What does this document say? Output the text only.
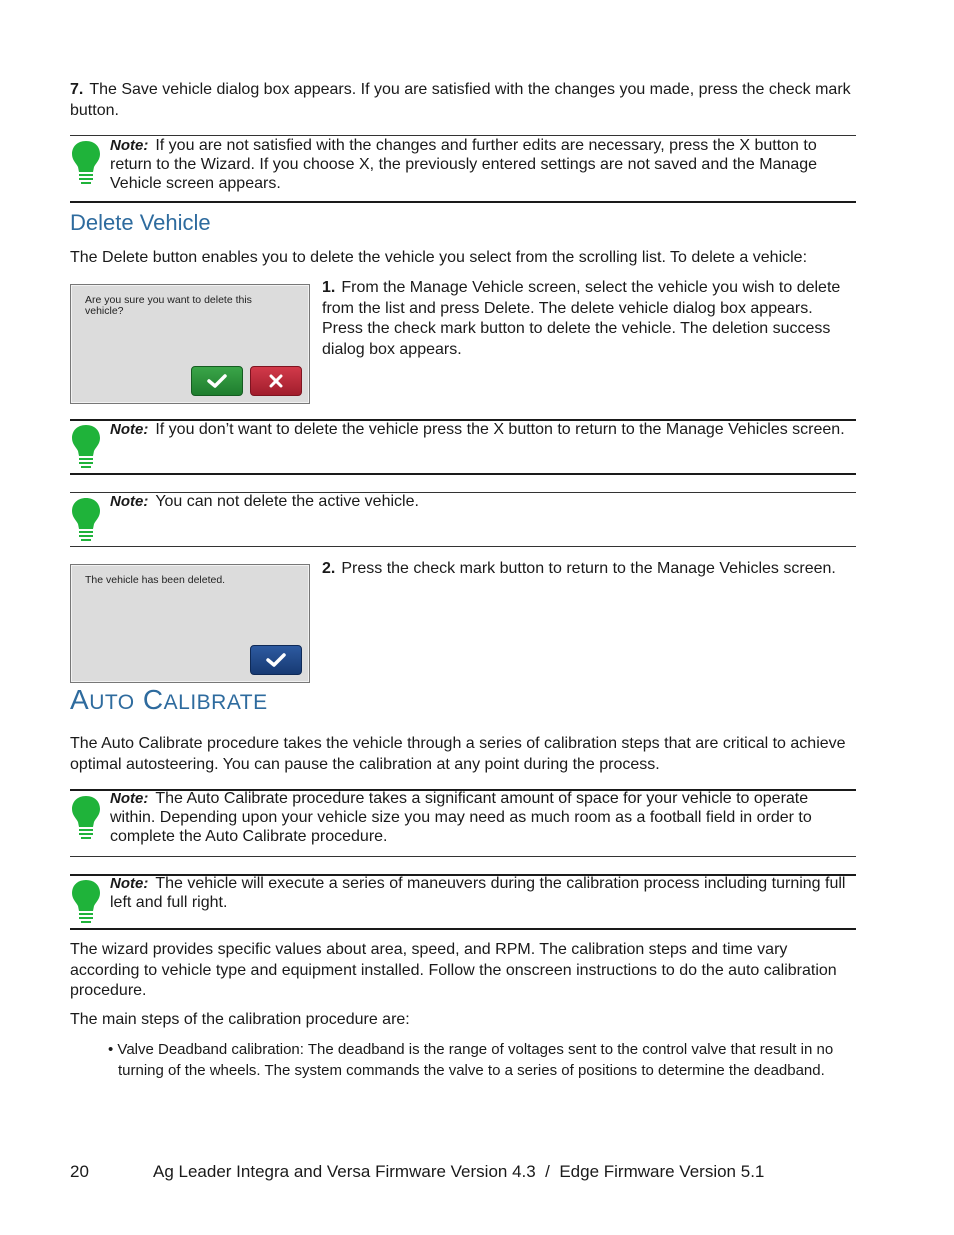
7. The Save vehicle dialog box appears. If you are satisfied with the changes you made, press the check mark button.
Note: If you are not satisfied with the changes and further edits are necessary, press the X button to return to the Wizard. If you choose X, the previously entered settings are not saved and the Manage Vehicle screen appears.
Delete Vehicle
The Delete button enables you to delete the vehicle you select from the scrolling list. To delete a vehicle:
Are you sure you want to delete this vehicle?
1. From the Manage Vehicle screen, select the vehicle you wish to delete from the list and press Delete. The delete vehicle dialog box appears. Press the check mark button to delete the vehicle. The deletion success dialog box appears.
Note: If you don’t want to delete the vehicle press the X button to return to the Manage Vehicles screen.
Note: You can not delete the active vehicle.
The vehicle has been deleted.
2. Press the check mark button to return to the Manage Vehicles screen.
AUTO CALIBRATE
The Auto Calibrate procedure takes the vehicle through a series of calibration steps that are critical to achieve optimal autosteering. You can pause the calibration at any point during the process.
Note: The Auto Calibrate procedure takes a significant amount of space for your vehicle to operate within. Depending upon your vehicle size you may need as much room as a football field in order to complete the Auto Calibrate procedure.
Note: The vehicle will execute a series of maneuvers during the calibration process including turning full left and full right.
The wizard provides specific values about area, speed, and RPM. The calibration steps and time vary according to vehicle type and equipment installed. Follow the onscreen instructions to do the auto calibration procedure.
The main steps of the calibration procedure are:
• Valve Deadband calibration: The deadband is the range of voltages sent to the control valve that result in no turning of the wheels. The system commands the valve to a series of positions to determine the deadband.
20	Ag Leader Integra and Versa Firmware Version 4.3  /  Edge Firmware Version 5.1
